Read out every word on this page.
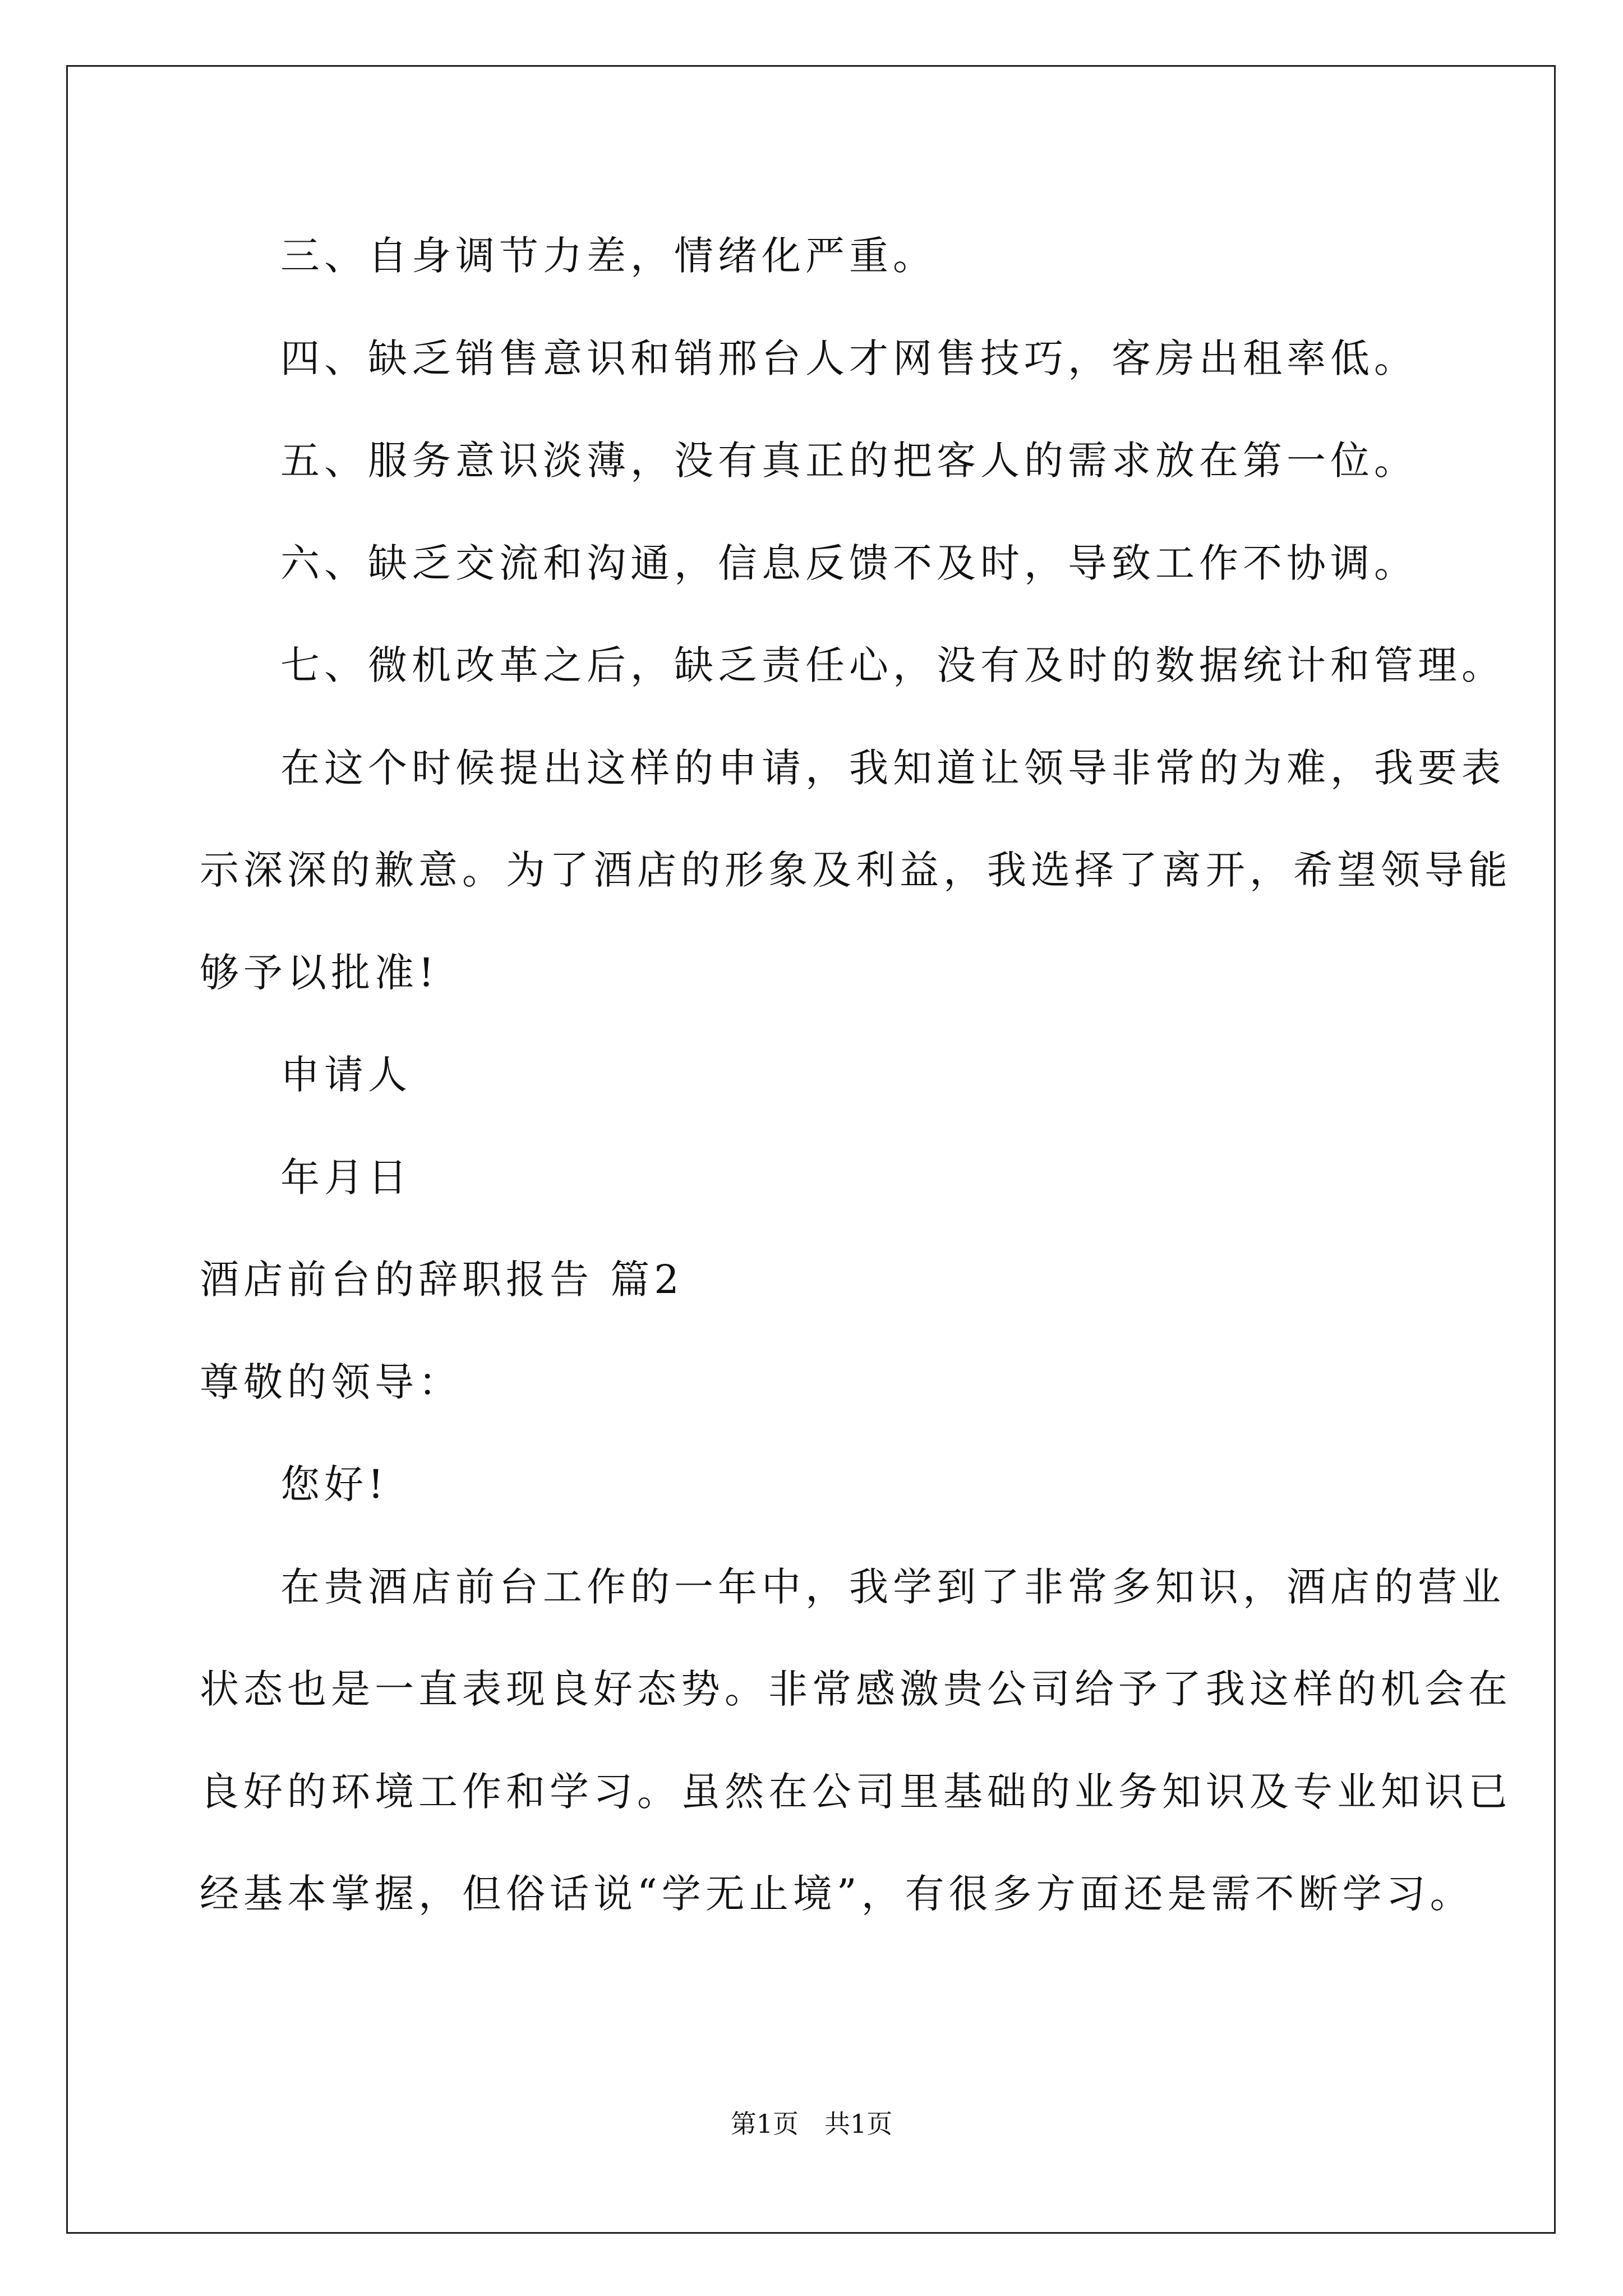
三、自身调节力差，情绪化严重。
四、缺乏销售意识和销邢台人才网售技巧，客房出租率低。
五、服务意识淡薄，没有真正的把客人的需求放在第一位。
六、缺乏交流和沟通，信息反馈不及时，导致工作不协调。
七、微机改革之后，缺乏责任心，没有及时的数据统计和管理。
在这个时候提出这样的申请，我知道让领导非常的为难，我要表
示深深的歉意。为了酒店的形象及利益，我选择了离开，希望领导能
够予以批准!
申请人
年月日
酒店前台的辞职报告 篇2
尊敬的领导：
您好!
在贵酒店前台工作的一年中，我学到了非常多知识，酒店的营业
状态也是一直表现良好态势。非常感激贵公司给予了我这样的机会在
良好的环境工作和学习。虽然在公司里基础的业务知识及专业知识已
经基本掌握，但俗话说“学无止境”，有很多方面还是需不断学习。
第1页　共1页
